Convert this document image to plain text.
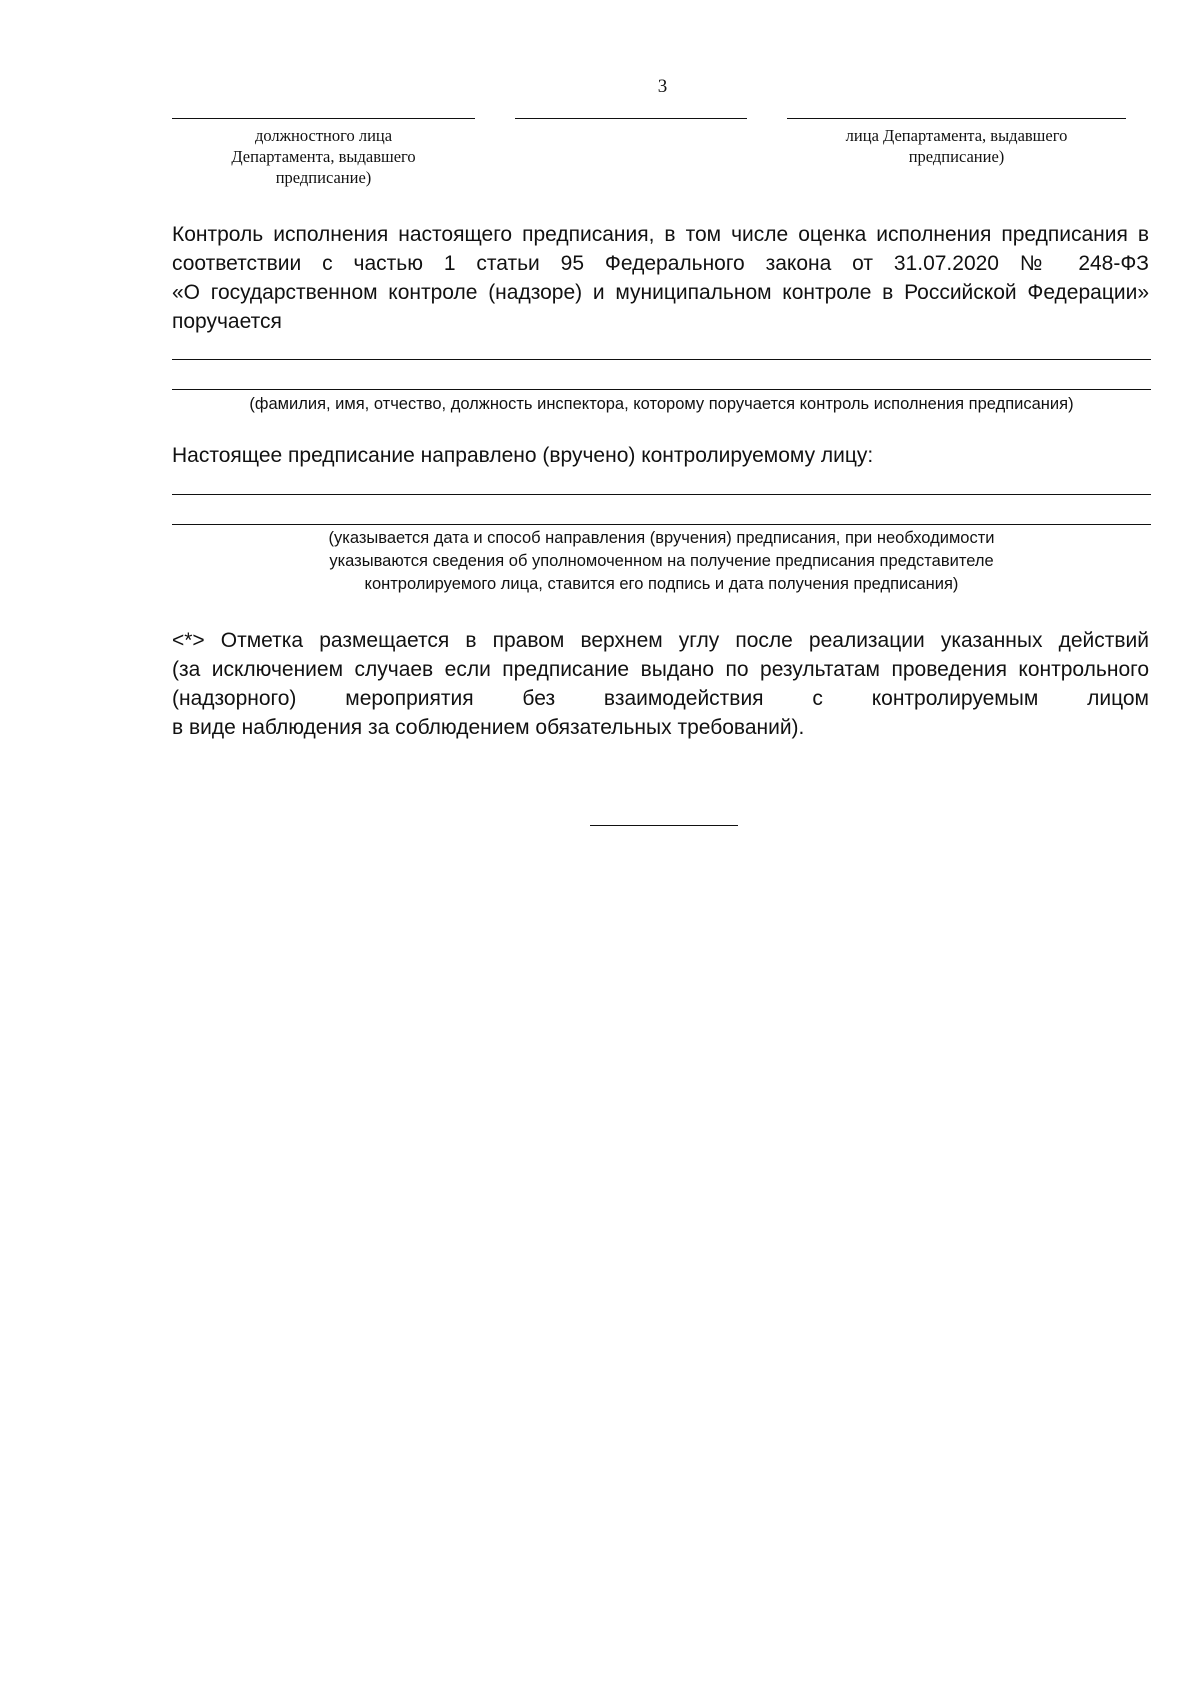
3
должностного лица
Департамента, выдавшего
предписание)
лица Департамента, выдавшего
предписание)
Контроль исполнения настоящего предписания, в том числе оценка исполнения предписания в
соответствии с частью 1 статьи 95 Федерального закона от 31.07.2020 № 248-ФЗ
«О государственном контроле (надзоре) и муниципальном контроле в Российской Федерации»
поручается
(фамилия, имя, отчество, должность инспектора, которому поручается контроль исполнения предписания)
Настоящее предписание направлено (вручено) контролируемому лицу:
(указывается дата и способ направления (вручения) предписания, при необходимости
указываются сведения об уполномоченном на получение предписания представителе
контролируемого лица, ставится его подпись и дата получения предписания)
<*> Отметка размещается в правом верхнем углу после реализации указанных действий
(за исключением случаев если предписание выдано по результатам проведения контрольного
(надзорного) мероприятия без взаимодействия с контролируемым лицом
в виде наблюдения за соблюдением обязательных требований).
